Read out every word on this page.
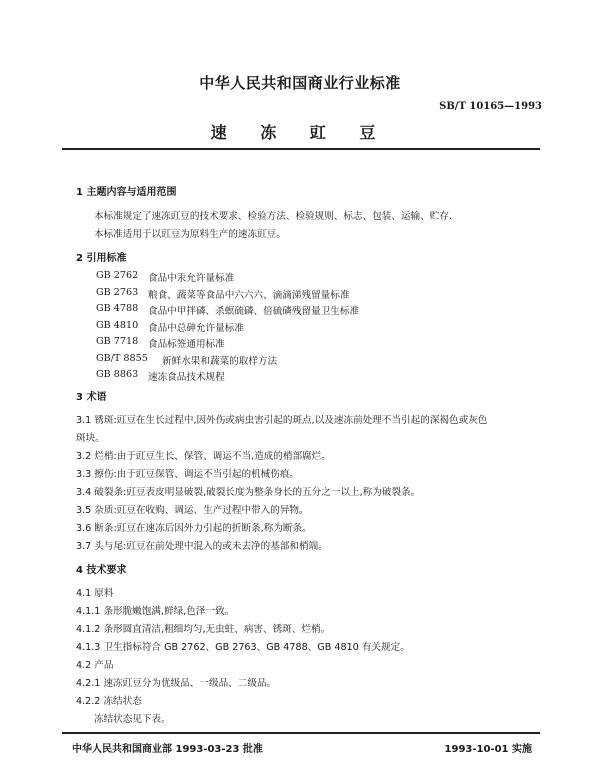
中华人民共和国商业行业标准
SB/T 10165—1993
速 冻 豇 豆
1 主题内容与适用范围
本标准规定了速冻豇豆的技术要求、检验方法、检验规则、标志、包装、运输、贮存.
本标准适用于以豇豆为原料生产的速冻豇豆。
2 引用标准
GB 2762 食品中汞允许量标准
GB 2763 粮食、蔬菜等食品中六六六、滴滴涕残留量标准
GB 4788 食品中甲拌磷、杀螟硫磷、倍硫磷残留量卫生标准
GB 4810 食品中总砷允许量标准
GB 7718 食品标签通用标准
GB/T 8855 新鲜水果和蔬菜的取样方法
GB 8863 速冻食品技术规程
3 术语
3.1 锈斑:豇豆在生长过程中,因外伤或病虫害引起的斑点,以及速冻前处理不当引起的深褐色或灰色
斑块。
3.2 烂梢:由于豇豆生长、保管、调运不当,造成的梢部腐烂。
3.3 擦伤:由于豇豆保管、调运不当引起的机械伤痕。
3.4 破裂条:豇豆表皮明显破裂,破裂长度为整条身长的五分之一以上,称为破裂条。
3.5 杂质:豇豆在收购、调运、生产过程中带入的异物。
3.6 断条:豇豆在速冻后因外力引起的折断条,称为断条。
3.7 头与尾:豇豆在前处理中混入的或未去净的基部和梢端。
4 技术要求
4.1 原料
4.1.1 条形脆嫩饱满,鲜绿,色泽一致。
4.1.2 条形圆直清洁,粗细均匀,无虫蛀、病害、锈斑、烂梢。
4.1.3 卫生指标符合 GB 2762、GB 2763、GB 4788、GB 4810 有关规定。
4.2 产品
4.2.1 速冻豇豆分为优级品、一级品、二级品。
4.2.2 冻结状态
冻结状态见下表。
中华人民共和国商业部 1993-03-23 批准	1993-10-01 实施
